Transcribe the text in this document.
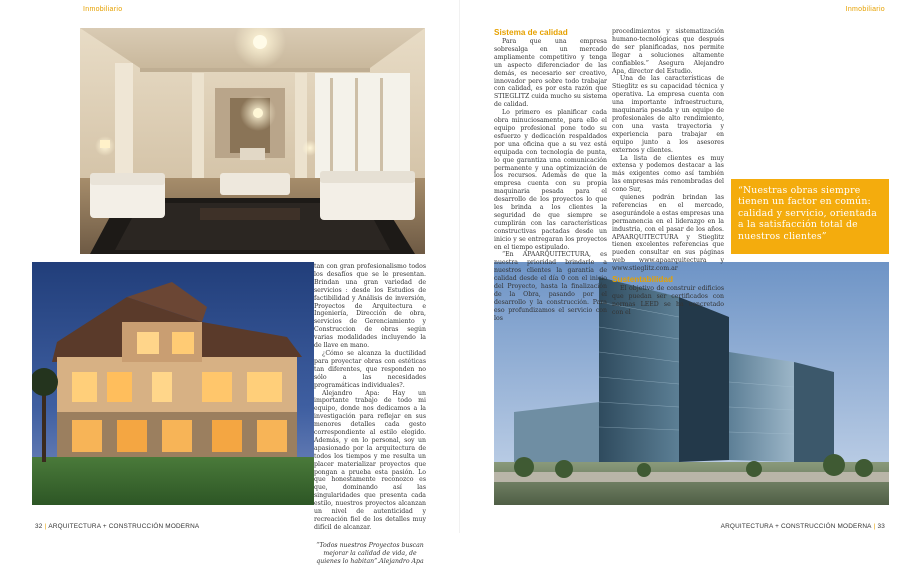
Inmobiliario	Inmobiliario

tan con gran profesionalismo todos los desafíos que se le presentan. Brindan una gran variedad de servicios : desde los Estudios de factibilidad y Análisis de inversión, Proyectos de Arquitectura e Ingeniería, Dirección de obra, servicios de Gerenciamiento y Construccion de obras según varias modalidades incluyendo la de llave en mano.

¿Cómo se alcanza la ductilidad para proyectar obras con estéticas tan diferentes, que responden no sólo a las necesidades programáticas individuales?.

Alejandro Apa: Hay un importante trabajo de todo mi equipo, donde nos dedicamos a la investigación para reflejar en sus menores detalles cada gesto correspondiente al estilo elegido. Además, y en lo personal, soy un apasionado por la arquitectura de todos los tiempos y me resulta un placer materializar proyectos que pongan a prueba esta pasión. Lo que honestamente reconozco es que, dominando así las singularidades que presenta cada estilo, nuestros proyectos alcanzan un nivel de autenticidad y recreación fiel de los detalles muy difícil de alcanzar.

“Todos nuestros Proyectos buscan mejorar la calidad de vida, de quienes lo habitan”.Alejandro Apa

Sistema de calidad

Para que una empresa sobresalga en un mercado ampliamente competitivo y tenga un aspecto diferenciador de las demás, es necesario ser creativo, innovador pero sobre todo trabajar con calidad, es por esta razón que STIEGLITZ cuida mucho su sistema de calidad.

Lo primero es planificar cada obra minuciosamente, para ello el equipo profesional pone todo su esfuerzo y dedicación respaldados por una oficina que a su vez está equipada con tecnología de punta, lo que garantiza una comunicación permanente y una optimización de los recursos. Además de que la empresa cuenta con su propia maquinaria pesada para el desarrollo de los proyectos lo que les brinda a los clientes la seguridad de que siempre se cumplirán con las características constructivas pactadas desde un inicio y se entregaran los proyectos en el tiempo estipulado.

“En APAARQUITECTURA, es nuestra prioridad brindarle a nuestros clientes la garantía de calidad desde el día 0 con el inicio del Proyecto, hasta la finalización de la Obra, pasando por el desarrollo y la construcción. Para eso profundizamos el servicio con los

procedimientos y sistematización humano-tecnológicas que después de ser planificadas, nos permite llegar a soluciones altamente confiables.” Asegura Alejandro Apa, director del Estudio.

Una de las características de Stieglitz es su capacidad técnica y operativa. La empresa cuenta con una importante infraestructura, maquinaria pesada y un equipo de profesionales de alto rendimiento, con una vasta trayectoria y experiencia para trabajar en equipo junto a los asesores externos y clientes.

La lista de clientes es muy extensa y podemos destacar a las más exigentes como así también las empresas más renombradas del cono Sur,

quienes podrán brindan las referencias en el mercado, asegurándole a estas empresas una permanencia en el liderazgo en la industria, con el pasar de los años. APAARQUITECTURA y Stieglitz tienen excelentes referencias que pueden consultar en sus páginas web www.apaarquitectura y www.stieglitz.com.ar

Sustentabilidad

El objetivo de construir edificios que puedan ser certificados con normas LEED se ha concretado con el

“Nuestras obras siempre tienen un factor en común: calidad y servicio, orientada a la satisfacción total de nuestros clientes”
32 | ARQUITECTURA + CONSTRUCCIÓN MODERNA	ARQUITECTURA + CONSTRUCCIÓN MODERNA | 33
